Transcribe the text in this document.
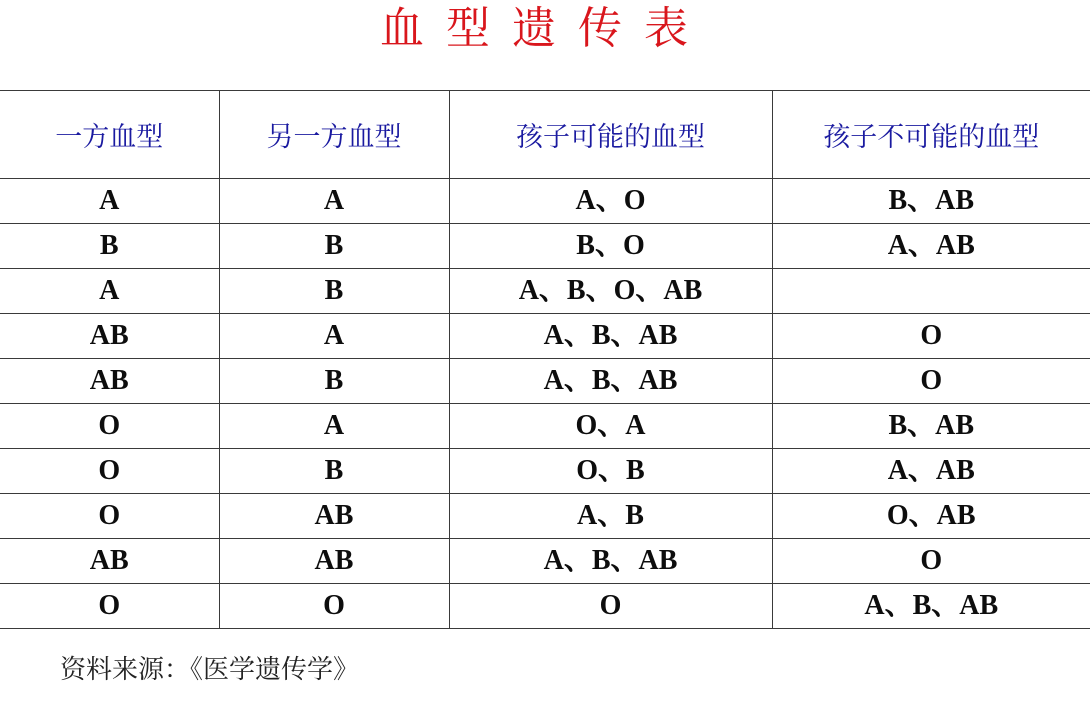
血型遗传表
一方血型	另一方血型	孩子可能的血型	孩子不可能的血型
A	A	A、O	B、AB
B	B	B、O	A、AB
A	B	A、B、O、AB	
AB	A	A、B、AB	O
AB	B	A、B、AB	O
O	A	O、A	B、AB
O	B	O、B	A、AB
O	AB	A、B	O、AB
AB	AB	A、B、AB	O
O	O	O	A、B、AB
资料来源：《医学遗传学》
